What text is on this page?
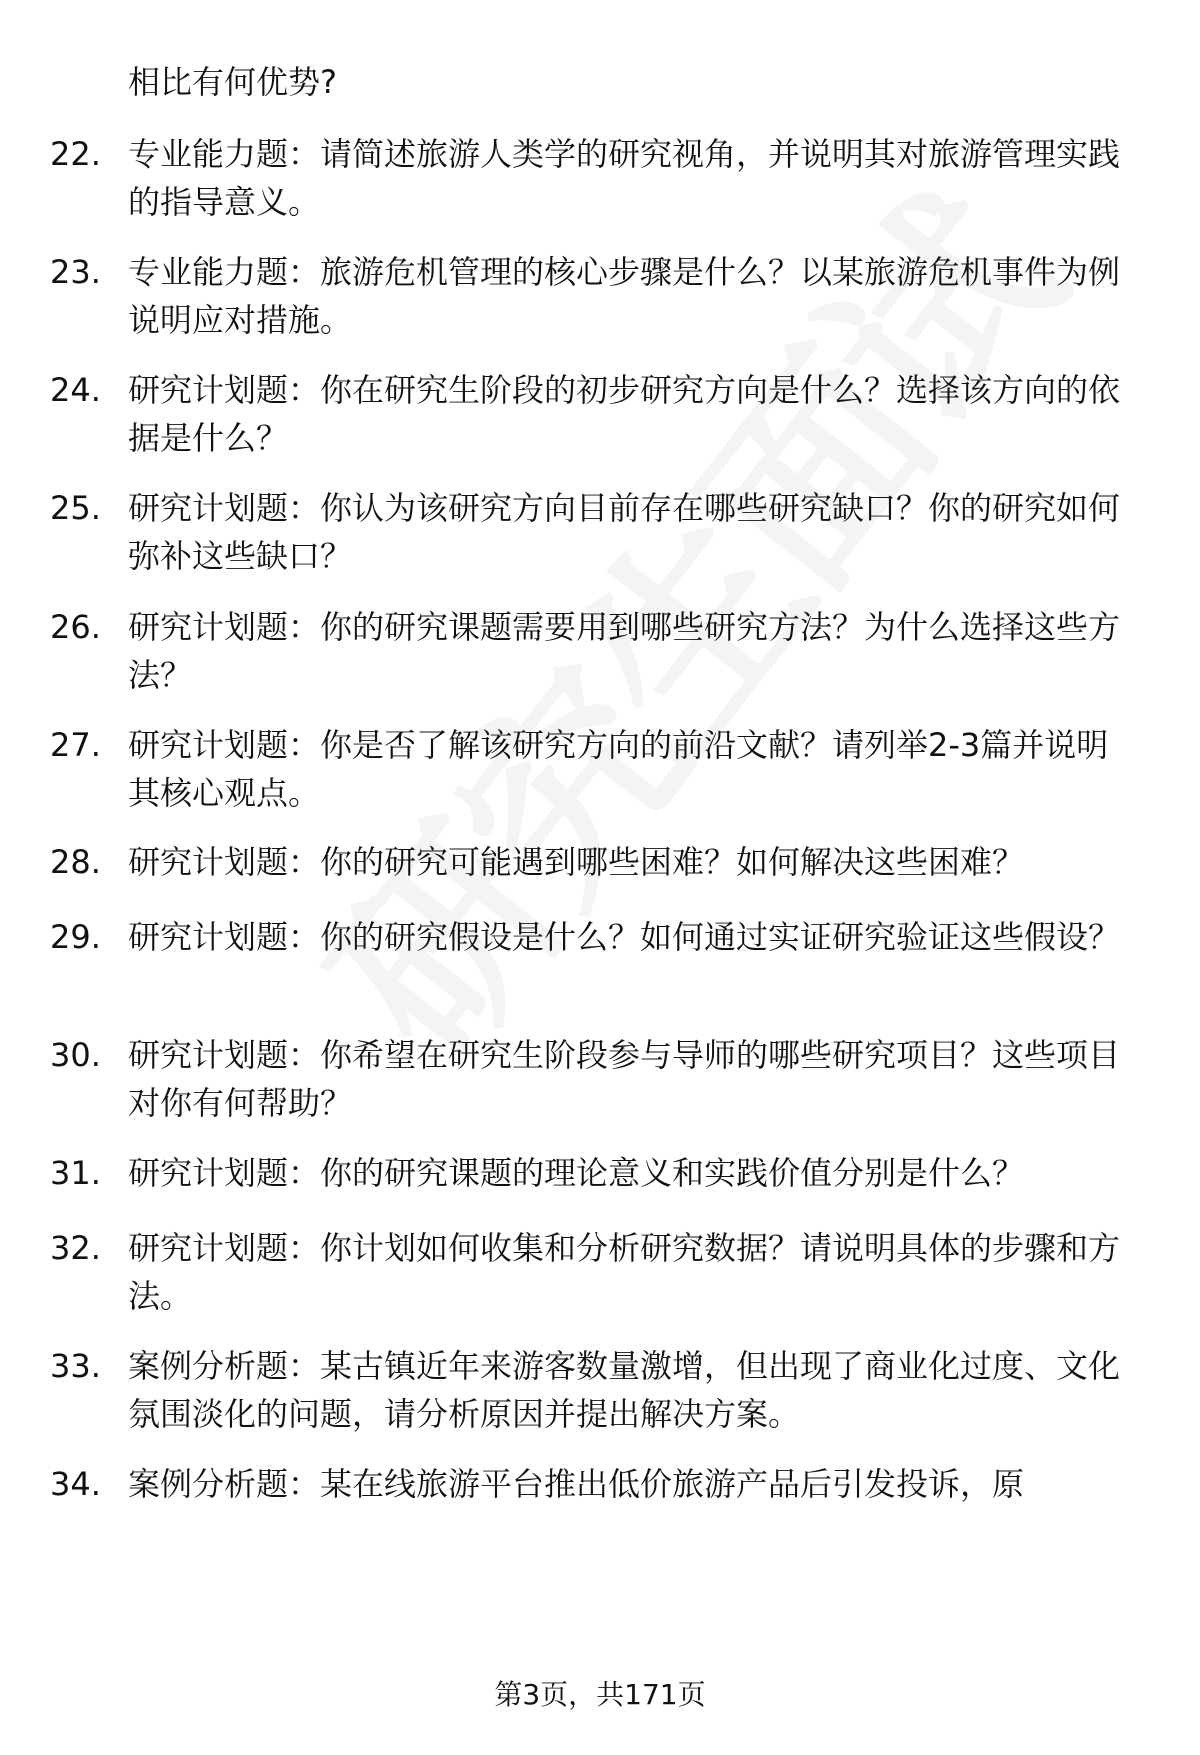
相比有何优势?
22. 专业能力题：请简述旅游人类学的研究视角，并说明其对旅游管理实践的指导意义。
23. 专业能力题：旅游危机管理的核心步骤是什么？以某旅游危机事件为例说明应对措施。
24. 研究计划题：你在研究生阶段的初步研究方向是什么？选择该方向的依据是什么？
25. 研究计划题：你认为该研究方向目前存在哪些研究缺口？你的研究如何弥补这些缺口？
26. 研究计划题：你的研究课题需要用到哪些研究方法？为什么选择这些方法？
27. 研究计划题：你是否了解该研究方向的前沿文献？请列举2-3篇并说明其核心观点。
28. 研究计划题：你的研究可能遇到哪些困难？如何解决这些困难？
29. 研究计划题：你的研究假设是什么？如何通过实证研究验证这些假设？
30. 研究计划题：你希望在研究生阶段参与导师的哪些研究项目？这些项目对你有何帮助？
31. 研究计划题：你的研究课题的理论意义和实践价值分别是什么？
32. 研究计划题：你计划如何收集和分析研究数据？请说明具体的步骤和方法。
33. 案例分析题：某古镇近年来游客数量激增，但出现了商业化过度、文化氛围淡化的问题，请分析原因并提出解决方案。
34. 案例分析题：某在线旅游平台推出低价旅游产品后引发投诉，原
第3页，共171页
